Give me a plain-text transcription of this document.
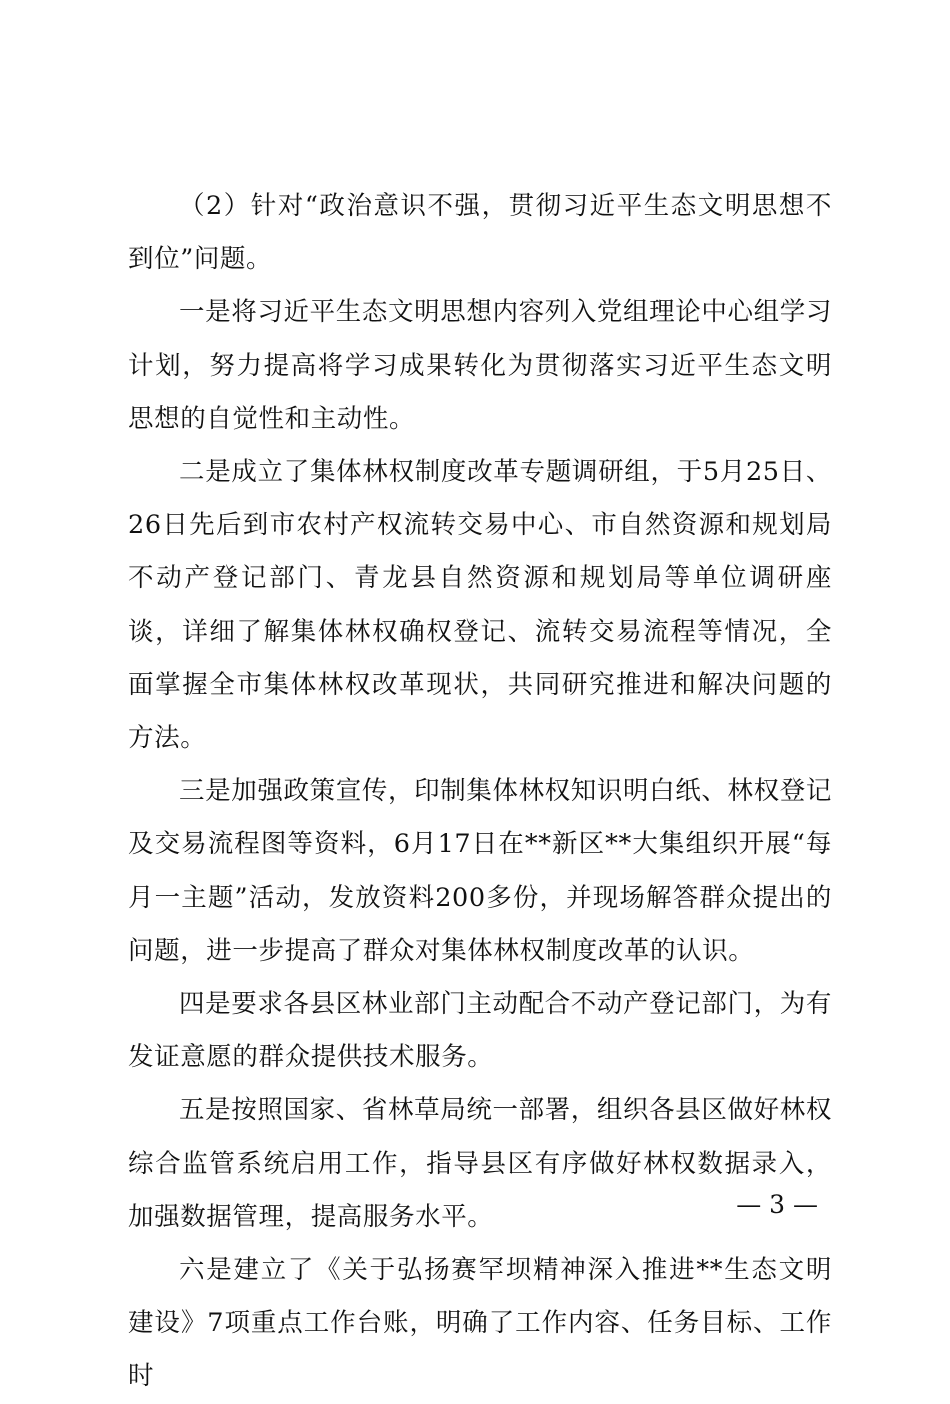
（2）针对“政治意识不强，贯彻习近平生态文明思想不到位”问题。

一是将习近平生态文明思想内容列入党组理论中心组学习计划，努力提高将学习成果转化为贯彻落实习近平生态文明思想的自觉性和主动性。

二是成立了集体林权制度改革专题调研组，于5月25日、26日先后到市农村产权流转交易中心、市自然资源和规划局不动产登记部门、青龙县自然资源和规划局等单位调研座谈，详细了解集体林权确权登记、流转交易流程等情况，全面掌握全市集体林权改革现状，共同研究推进和解决问题的方法。

三是加强政策宣传，印制集体林权知识明白纸、林权登记及交易流程图等资料，6月17日在**新区**大集组织开展“每月一主题”活动，发放资料200多份，并现场解答群众提出的问题，进一步提高了群众对集体林权制度改革的认识。

四是要求各县区林业部门主动配合不动产登记部门，为有发证意愿的群众提供技术服务。

五是按照国家、省林草局统一部署，组织各县区做好林权综合监管系统启用工作，指导县区有序做好林权数据录入，加强数据管理，提高服务水平。

六是建立了《关于弘扬赛罕坝精神深入推进**生态文明建设》7项重点工作台账，明确了工作内容、任务目标、工作时

— 3 —
